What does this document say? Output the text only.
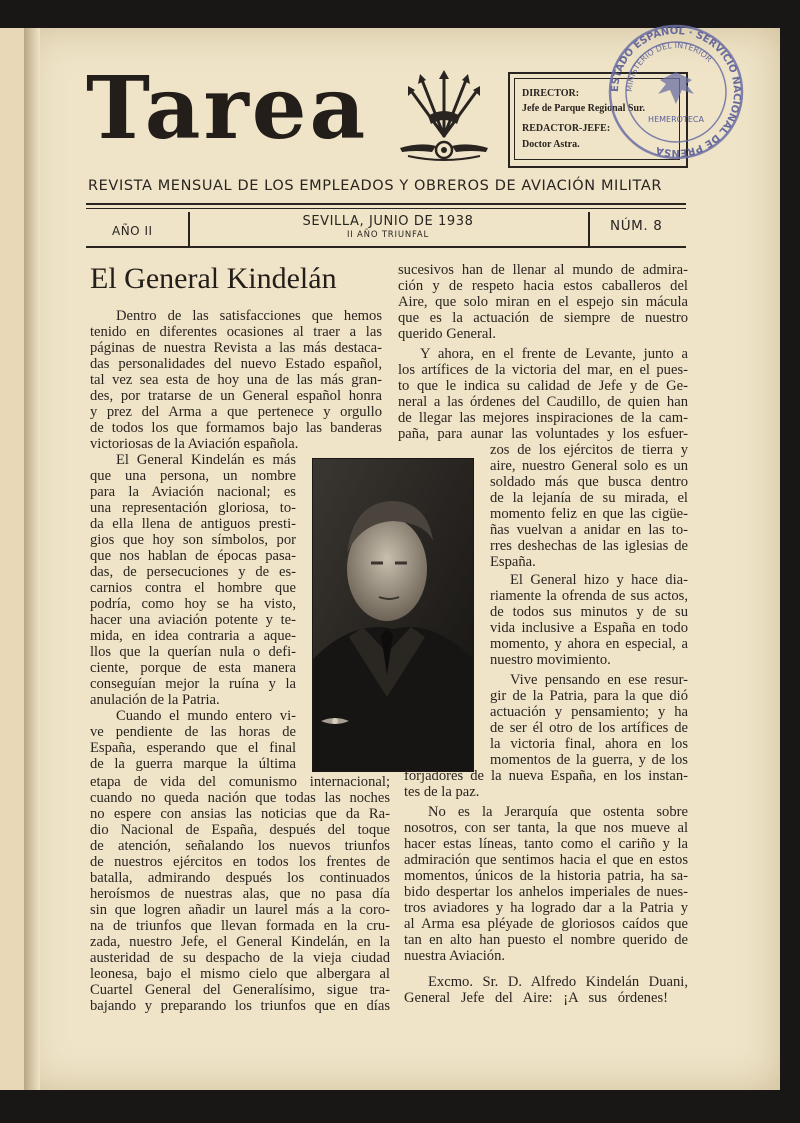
Tarea	DIRECTOR:
Jefe de Parque Regional Sur.
REDACTOR-JEFE:
Doctor Astra.
ESTADO ESPAÑOL · SERVICIO NACIONAL DE PRENSA
MINISTERIO DEL INTERIOR
HEMEROTECA
REVISTA MENSUAL DE LOS EMPLEADOS Y OBREROS DE AVIACIÓN MILITAR
AÑO II
SEVILLA, JUNIO DE 1938
II AÑO TRIUNFAL
NÚM. 8
El General Kindelán
Dentro de las satisfacciones que hemos
tenido en diferentes ocasiones al traer a las
páginas de nuestra Revista a las más destaca-
das personalidades del nuevo Estado español,
tal vez sea esta de hoy una de las más gran-
des, por tratarse de un General español honra
y prez del Arma a que pertenece y orgullo
de todos los que formamos bajo las banderas
victoriosas de la Aviación española.
El General Kindelán es más
que una persona, un nombre
para la Aviación nacional; es
una representación gloriosa, to-
da ella llena de antiguos presti-
gios que hoy son símbolos, por
que nos hablan de épocas pasa-
das, de persecuciones y de es-
carnios contra el hombre que
podría, como hoy se ha visto,
hacer una aviación potente y te-
mida, en idea contraria a aque-
llos que la querían nula o defi-
ciente, porque de esta manera
conseguían mejor la ruína y la
anulación de la Patria.
Cuando el mundo entero vi-
ve pendiente de las horas de
España, esperando que el final
de la guerra marque la última
etapa de vida del comunismo internacional;
cuando no queda nación que todas las noches
no espere con ansias las noticias que da Ra-
dio Nacional de España, después del toque
de atención, señalando los nuevos triunfos
de nuestros ejércitos en todos los frentes de
batalla, admirando después los continuados
heroísmos de nuestras alas, que no pasa día
sin que logren añadir un laurel más a la coro-
na de triunfos que llevan formada en la cru-
zada, nuestro Jefe, el General Kindelán, en la
austeridad de su despacho de la vieja ciudad
leonesa, bajo el mismo cielo que albergara al
Cuartel General del Generalísimo, sigue tra-
bajando y preparando los triunfos que en días
sucesivos han de llenar al mundo de admira-
ción y de respeto hacia estos caballeros del
Aire, que solo miran en el espejo sin mácula
que es la actuación de siempre de nuestro
querido General.
Y ahora, en el frente de Levante, junto a
los artífices de la victoria del mar, en el pues-
to que le indica su calidad de Jefe y de Ge-
neral a las órdenes del Caudillo, de quien han
de llegar las mejores inspiraciones de la cam-
paña, para aunar las voluntades y los esfuer-
zos de los ejércitos de tierra y
aire, nuestro General solo es un
soldado más que busca dentro
de la lejanía de su mirada, el
momento feliz en que las cigüe-
ñas vuelvan a anidar en las to-
rres deshechas de las iglesias de
España.
El General hizo y hace dia-
riamente la ofrenda de sus actos,
de todos sus minutos y de su
vida inclusive a España en todo
momento, y ahora en especial, a
nuestro movimiento.
Vive pensando en ese resur-
gir de la Patria, para la que dió
actuación y pensamiento; y ha
de ser él otro de los artífices de
la victoria final, ahora en los
momentos de la guerra, y de los
forjadores de la nueva España, en los instan-
tes de la paz.
No es la Jerarquía que ostenta sobre
nosotros, con ser tanta, la que nos mueve al
hacer estas líneas, tanto como el cariño y la
admiración que sentimos hacia el que en estos
momentos, únicos de la historia patria, ha sa-
bido despertar los anhelos imperiales de nues-
tros aviadores y ha logrado dar a la Patria y
al Arma esa pléyade de gloriosos caídos que
tan en alto han puesto el nombre querido de
nuestra Aviación.
Excmo. Sr. D. Alfredo Kindelán Duani,
General Jefe del Aire: ¡A sus órdenes!
